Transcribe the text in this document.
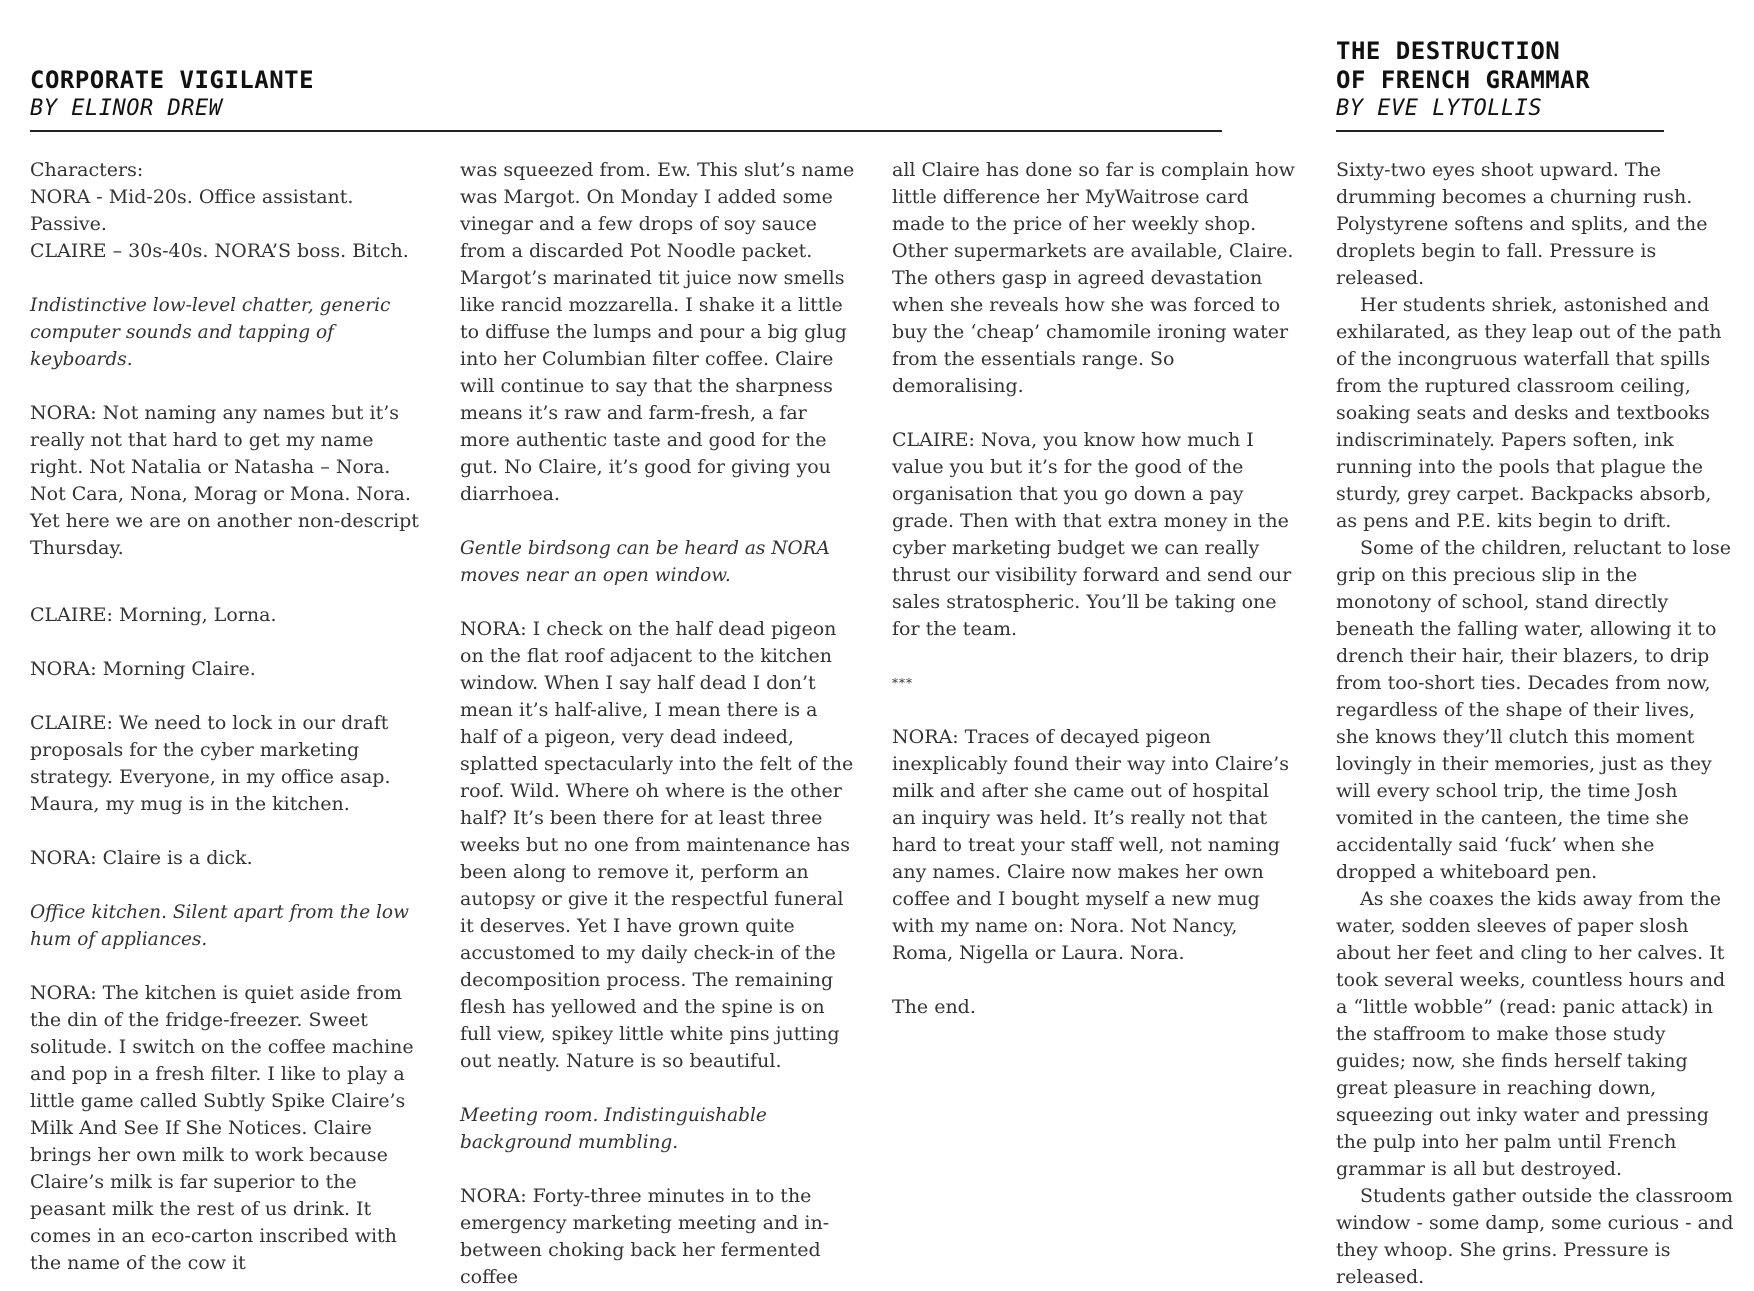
CORPORATE VIGILANTE
BY ELINOR DREW
THE DESTRUCTION
OF FRENCH GRAMMAR
BY EVE LYTOLLIS

Characters:

NORA - Mid-20s. Office assistant. Passive.

CLAIRE – 30s-40s. NORA’S boss. Bitch.

Indistinctive low-level chatter, generic computer sounds and tapping of keyboards.

NORA: Not naming any names but it’s really not that hard to get my name right. Not Natalia or Natasha – Nora. Not Cara, Nona, Morag or Mona. Nora. Yet here we are on another non-descript Thursday.

CLAIRE: Morning, Lorna.

NORA: Morning Claire.

CLAIRE: We need to lock in our draft proposals for the cyber marketing strategy. Everyone, in my office asap. Maura, my mug is in the kitchen.

NORA: Claire is a dick.

Office kitchen. Silent apart from the low hum of appliances.

NORA: The kitchen is quiet aside from the din of the fridge-freezer. Sweet solitude. I switch on the coffee machine and pop in a fresh filter. I like to play a little game called Subtly Spike Claire’s Milk And See If She Notices. Claire brings her own milk to work because Claire’s milk is far superior to the peasant milk the rest of us drink. It comes in an eco-carton inscribed with the name of the cow it

was squeezed from. Ew. This slut’s name was Margot. On Monday I added some vinegar and a few drops of soy sauce from a discarded Pot Noodle packet. Margot’s marinated tit juice now smells like rancid mozzarella. I shake it a little to diffuse the lumps and pour a big glug into her Columbian filter coffee. Claire will continue to say that the sharpness means it’s raw and farm-fresh, a far more authentic taste and good for the gut. No Claire, it’s good for giving you diarrhoea.

Gentle birdsong can be heard as NORA moves near an open window.

NORA: I check on the half dead pigeon on the flat roof adjacent to the kitchen window. When I say half dead I don’t mean it’s half-alive, I mean there is a half of a pigeon, very dead indeed, splatted spectacularly into the felt of the roof. Wild. Where oh where is the other half? It’s been there for at least three weeks but no one from maintenance has been along to remove it, perform an autopsy or give it the respectful funeral it deserves. Yet I have grown quite accustomed to my daily check-in of the decomposition process. The remaining flesh has yellowed and the spine is on full view, spikey little white pins jutting out neatly. Nature is so beautiful.

Meeting room. Indistinguishable background mumbling.

NORA: Forty-three minutes in to the emergency marketing meeting and in-between choking back her fermented coffee

all Claire has done so far is complain how little difference her MyWaitrose card made to the price of her weekly shop. Other supermarkets are available, Claire. The others gasp in agreed devastation when she reveals how she was forced to buy the ‘cheap’ chamomile ironing water from the essentials range. So demoralising.

CLAIRE: Nova, you know how much I value you but it’s for the good of the organisation that you go down a pay grade. Then with that extra money in the cyber marketing budget we can really thrust our visibility forward and send our sales stratospheric. You’ll be taking one for the team.

***

NORA: Traces of decayed pigeon inexplicably found their way into Claire’s milk and after she came out of hospital an inquiry was held. It’s really not that hard to treat your staff well, not naming any names. Claire now makes her own coffee and I bought myself a new mug with my name on: Nora. Not Nancy, Roma, Nigella or Laura. Nora.

The end.

Sixty-two eyes shoot upward. The drumming becomes a churning rush. Polystyrene softens and splits, and the droplets begin to fall. Pressure is released.

Her students shriek, astonished and exhilarated, as they leap out of the path of the incongruous waterfall that spills from the ruptured classroom ceiling, soaking seats and desks and textbooks indiscriminately. Papers soften, ink running into the pools that plague the sturdy, grey carpet. Backpacks absorb, as pens and P.E. kits begin to drift.

Some of the children, reluctant to lose grip on this precious slip in the monotony of school, stand directly beneath the falling water, allowing it to drench their hair, their blazers, to drip from too-short ties. Decades from now, regardless of the shape of their lives, she knows they’ll clutch this moment lovingly in their memories, just as they will every school trip, the time Josh vomited in the canteen, the time she accidentally said ‘fuck’ when she dropped a whiteboard pen.

As she coaxes the kids away from the water, sodden sleeves of paper slosh about her feet and cling to her calves. It took several weeks, countless hours and a “little wobble” (read: panic attack) in the staffroom to make those study guides; now, she finds herself taking great pleasure in reaching down, squeezing out inky water and pressing the pulp into her palm until French grammar is all but destroyed.

Students gather outside the classroom window - some damp, some curious - and they whoop. She grins. Pressure is released.
